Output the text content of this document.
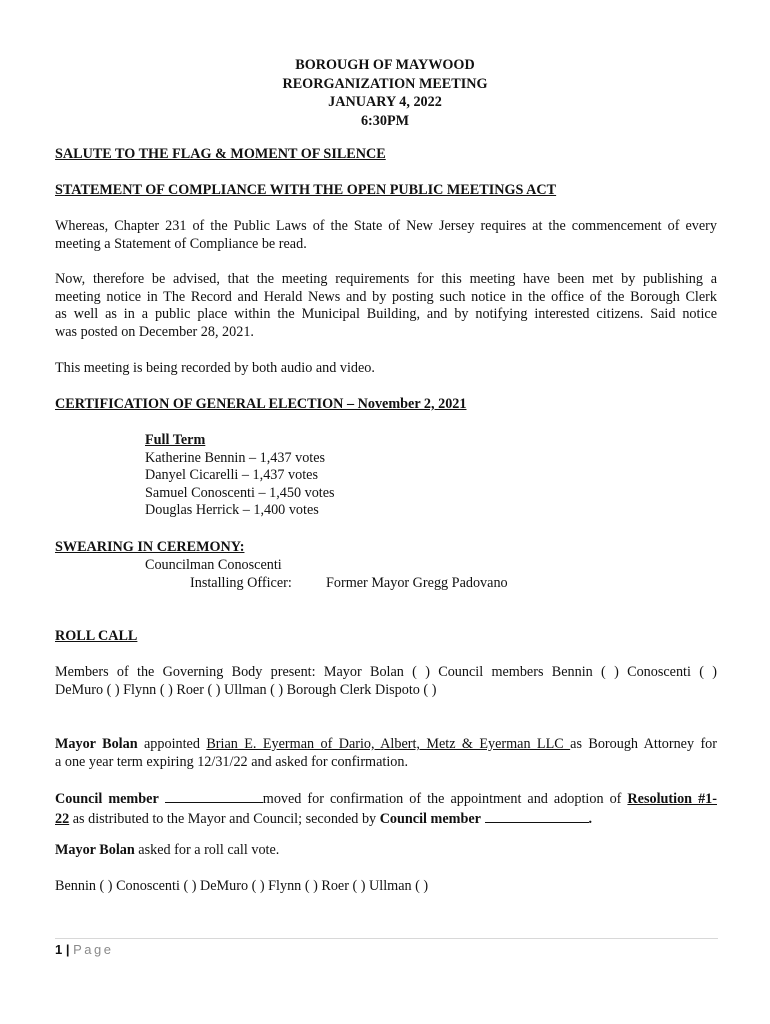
BOROUGH OF MAYWOOD
REORGANIZATION MEETING
JANUARY 4, 2022
6:30PM
SALUTE TO THE FLAG & MOMENT OF SILENCE
STATEMENT OF COMPLIANCE WITH THE OPEN PUBLIC MEETINGS ACT
Whereas, Chapter 231 of the Public Laws of the State of New Jersey requires at the commencement of every
meeting a Statement of Compliance be read.
Now, therefore be advised, that the meeting requirements for this meeting have been met by publishing a
meeting notice in The Record and Herald News and by posting such notice in the office of the Borough Clerk
as well as in a public place within the Municipal Building, and by notifying interested citizens. Said notice
was posted on December 28, 2021.
This meeting is being recorded by both audio and video.
CERTIFICATION OF GENERAL ELECTION – November 2, 2021
Full Term
Katherine Bennin – 1,437 votes
Danyel Cicarelli – 1,437 votes
Samuel Conoscenti – 1,450 votes
Douglas Herrick – 1,400 votes
SWEARING IN CEREMONY:
Councilman Conoscenti
Installing Officer: Former Mayor Gregg Padovano
ROLL CALL
Members of the Governing Body present: Mayor Bolan ( ) Council members Bennin ( ) Conoscenti ( )
DeMuro ( ) Flynn ( ) Roer ( ) Ullman ( ) Borough Clerk Dispoto ( )
Mayor Bolan appointed Brian E. Eyerman of Dario, Albert, Metz & Eyerman LLC as Borough Attorney for
a one year term expiring 12/31/22 and asked for confirmation.
Council member	moved for confirmation of the appointment and adoption of Resolution #1-
22 as distributed to the Mayor and Council; seconded by Council member	.
Mayor Bolan asked for a roll call vote.
Bennin ( ) Conoscenti ( ) DeMuro ( ) Flynn ( ) Roer ( ) Ullman ( )
1 | Page
